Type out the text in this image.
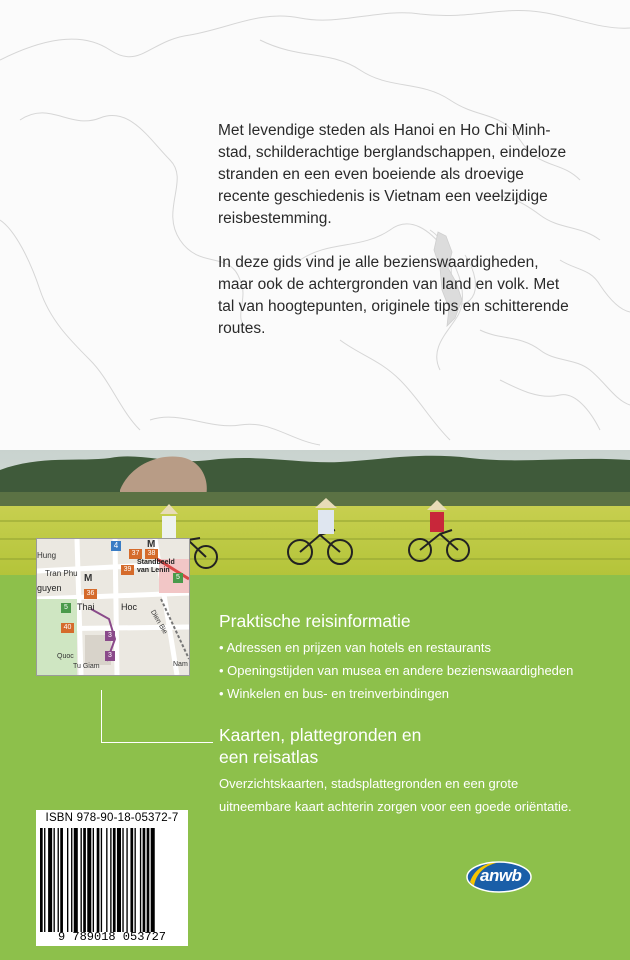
Met levendige steden als Hanoi en Ho Chi Minh-stad, schilderachtige berglandschappen, eindeloze stranden en een even boeiende als droevige recente geschiedenis is Vietnam een veelzijdige reisbestemming.

In deze gids vind je alle bezienswaardigheden, maar ook de achtergronden van land en volk. Met tal van hoogtepunten, originele tips en schitterende routes.

4
37	38
39
36
40
3
3
5
5
M
M
Hung
Tran Phu
guyen
Thai	Hoc
Quoc
Tu Giam
Dien Bie
Nam
Standbeeld
van Lenin
Praktische reisinformatie
• Adressen en prijzen van hotels en restaurants
• Openingstijden van musea en andere bezienswaardigheden
• Winkelen en bus- en treinverbindingen
Kaarten, plattegronden en
een reisatlas
Overzichtskaarten, stadsplattegronden en een grote
uitneembare kaart achterin zorgen voor een goede oriëntatie.
ISBN 978-90-18-05372-7
9 789018 053727
anwb
